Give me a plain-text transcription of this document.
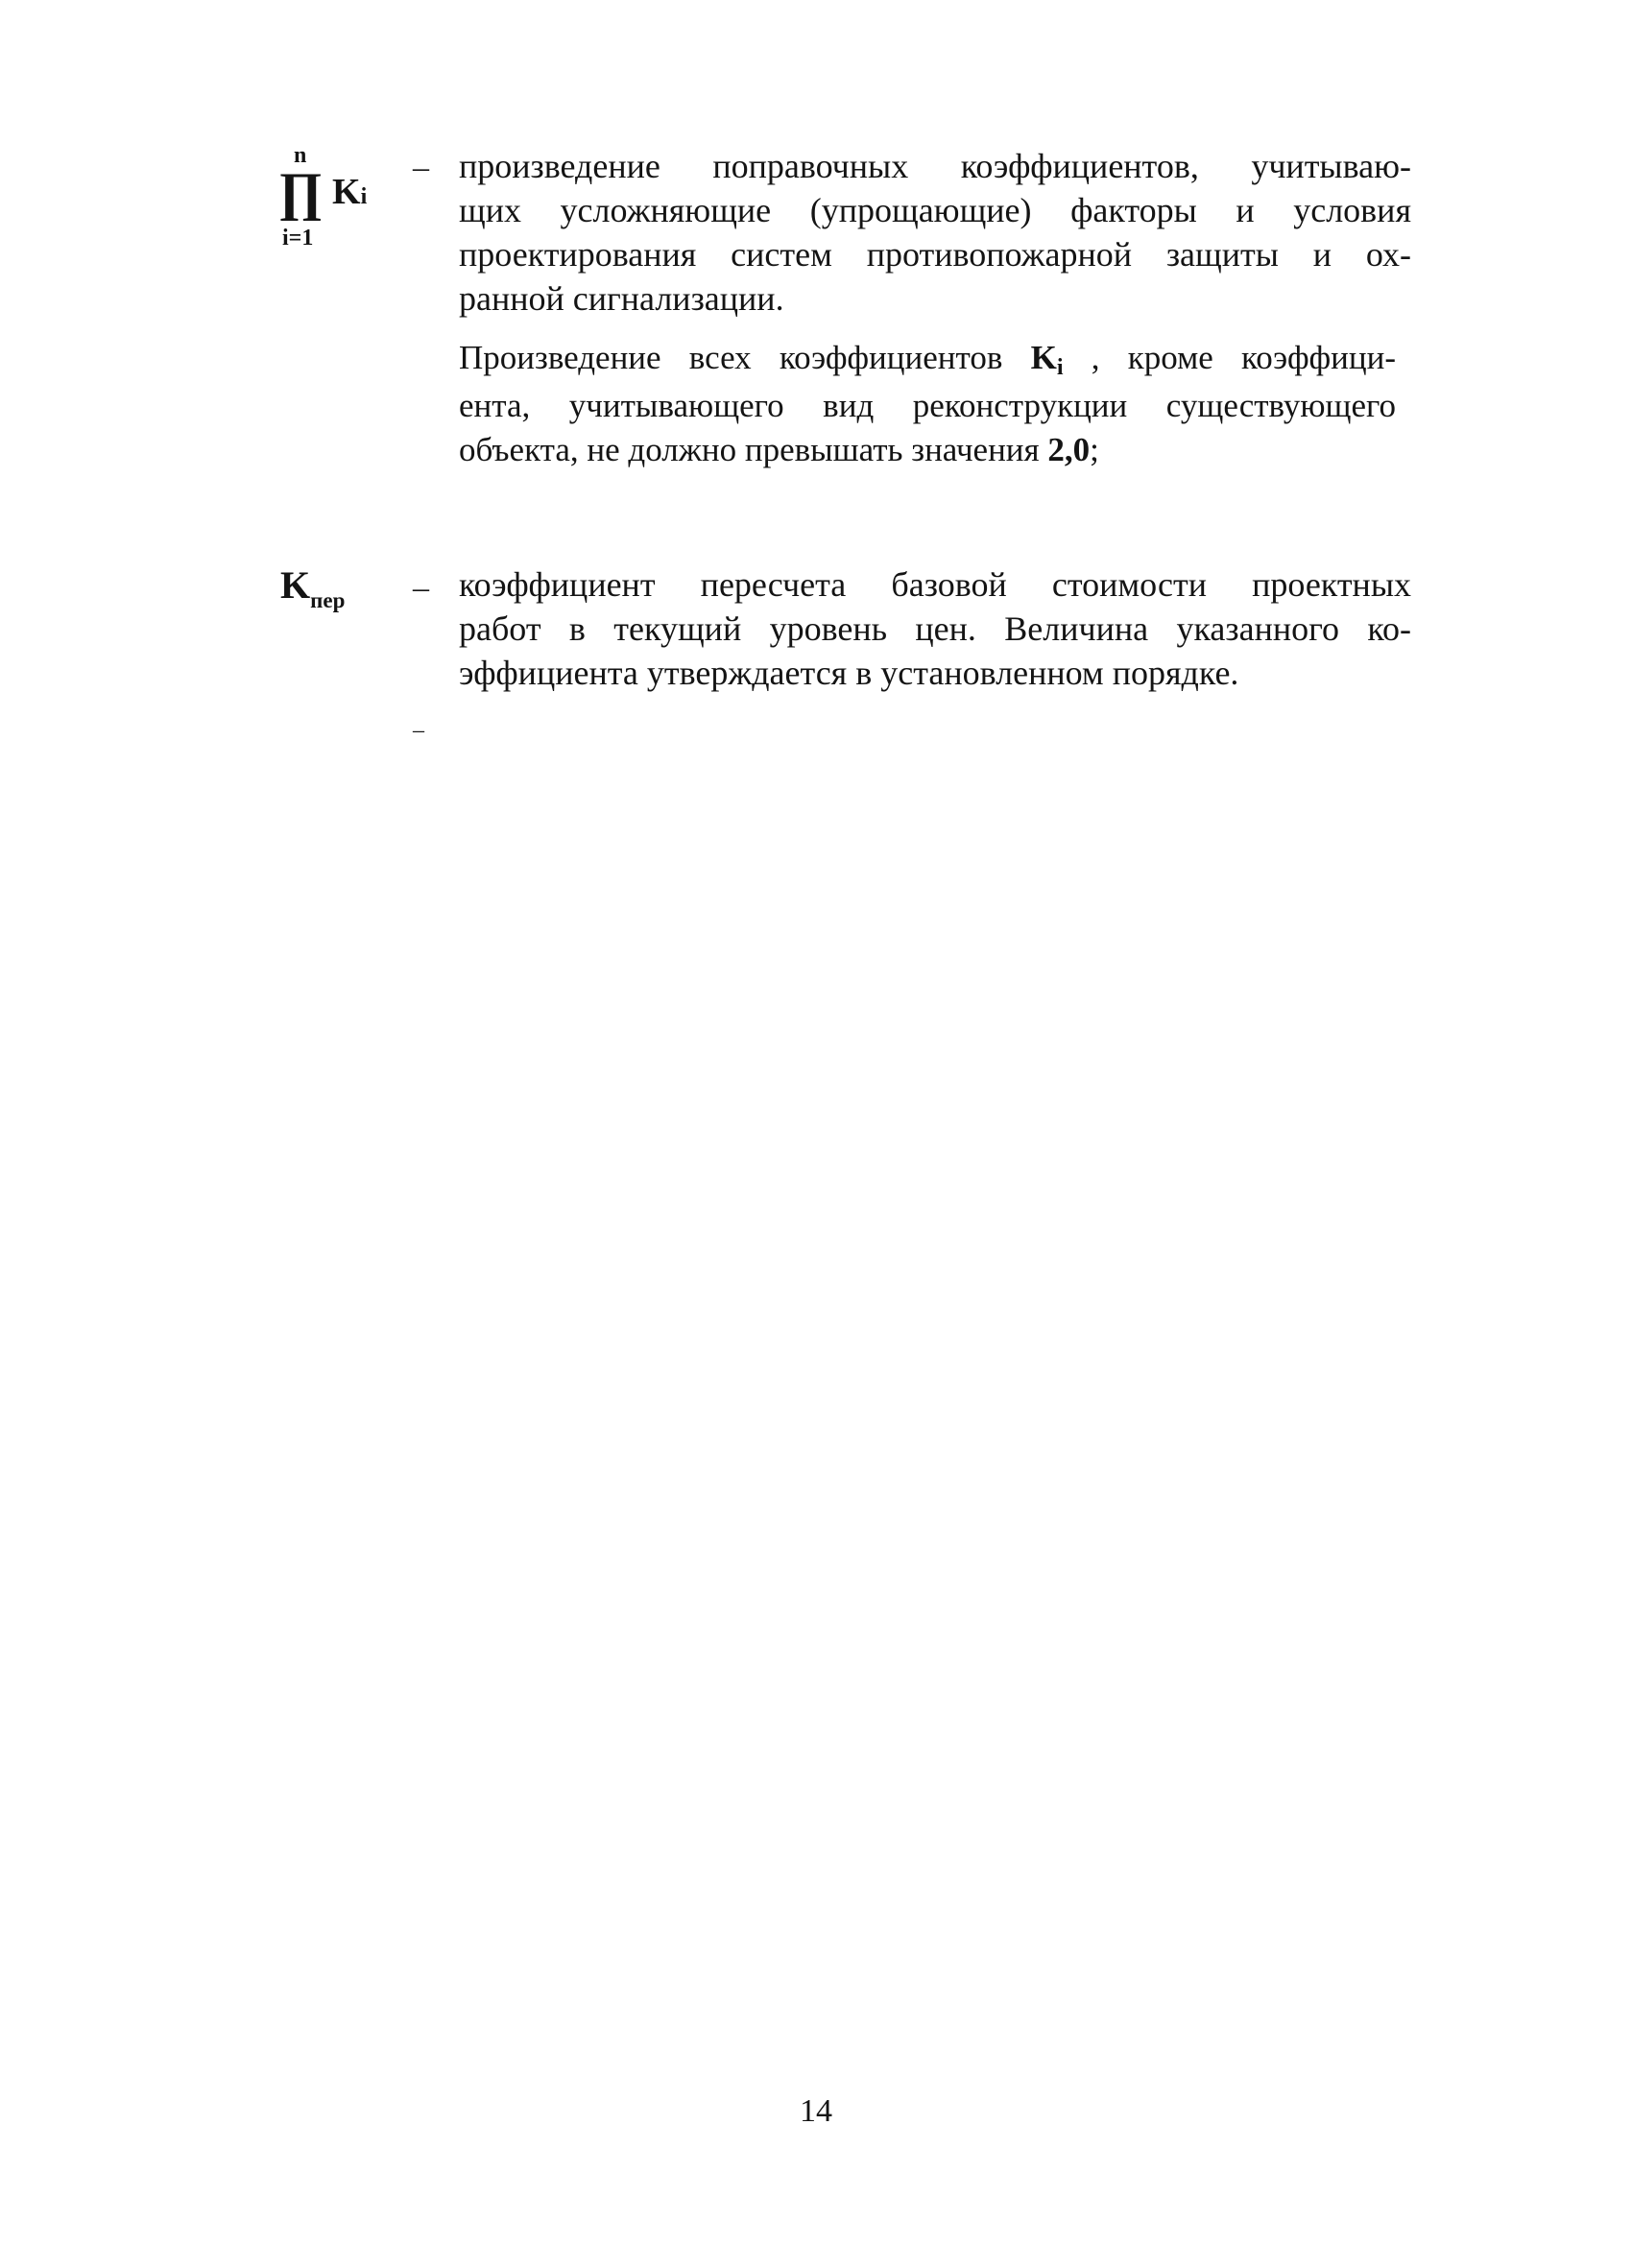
n
∏ Ki
i=1
– произведение поправочных коэффициентов, учитываю-

щих усложняющие (упрощающие) факторы и условия

проектирования систем противопожарной защиты и ох-

ранной сигнализации.

Произведение всех коэффициентов Ki , кроме коэффици-

ента, учитывающего вид реконструкции существующего

объекта, не должно превышать значения 2,0;

$K_{пер}$ – коэффициент пересчета базовой стоимости проектных

работ в текущий уровень цен. Величина указанного ко-

эффициента утверждается в установленном порядке.

–
14
